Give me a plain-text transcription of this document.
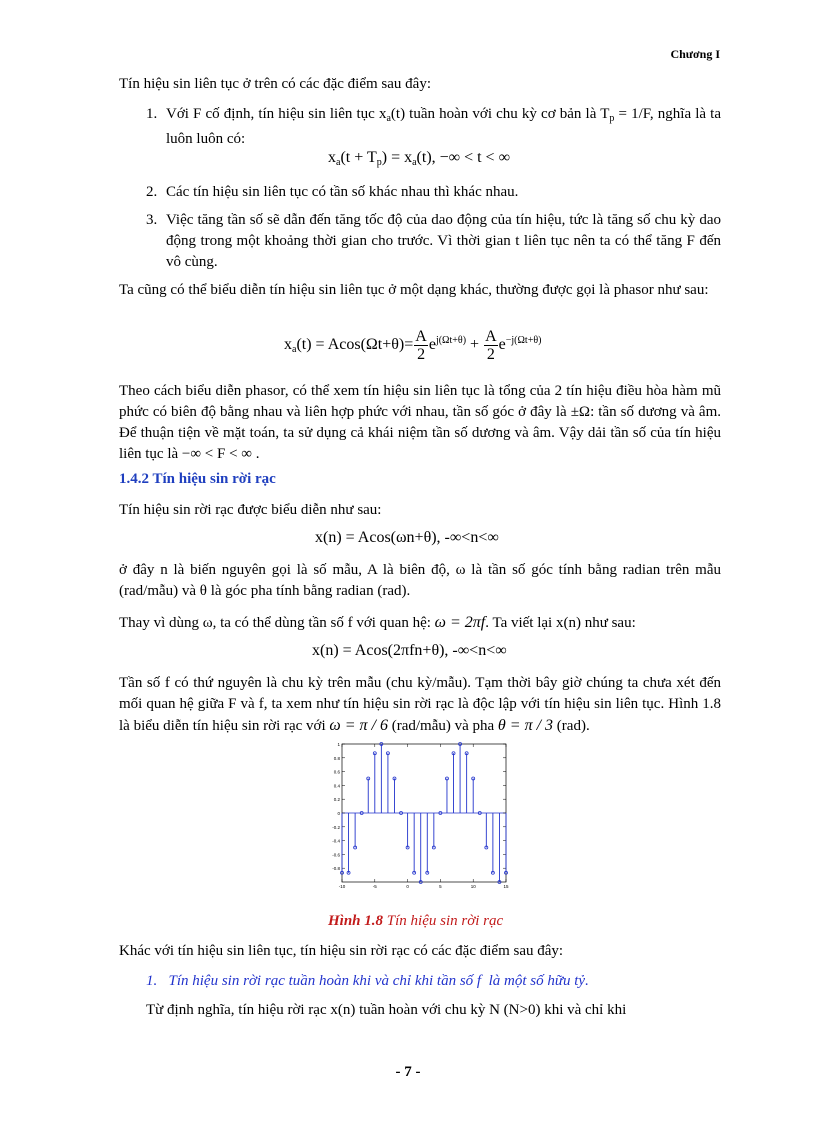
Chương I

Tín hiệu sin liên tục ở trên có các đặc điểm sau đây:

1. Với F cố định, tín hiệu sin liên tục $x_a(t)$ tuần hoàn với chu kỳ cơ bản là $T_p = 1/F$, nghĩa là ta luôn luôn có:

$x_a(t + T_p) = x_a(t)$, −∞ < t < ∞

2. Các tín hiệu sin liên tục có tần số khác nhau thì khác nhau.

3. Việc tăng tần số sẽ dẫn đến tăng tốc độ của dao động của tín hiệu, tức là tăng số chu kỳ dao động trong một khoảng thời gian cho trước. Vì thời gian t liên tục nên ta có thể tăng F đến vô cùng.

Ta cũng có thể biểu diễn tín hiệu sin liên tục ở một dạng khác, thường được gọi là phasor như sau:

$x_a(t) = Acos(\Omega t+\theta)= \frac{A}{2} e^{j(\Omega t+\theta)} + \frac{A}{2} e^{-j(\Omega t+\theta)}$

Theo cách biểu diễn phasor, có thể xem tín hiệu sin liên tục là tổng của 2 tín hiệu điều hòa hàm mũ phức có biên độ bằng nhau và liên hợp phức với nhau, tần số góc ở đây là ±Ω: tần số dương và âm. Để thuận tiện về mặt toán, ta sử dụng cả khái niệm tần số dương và âm. Vậy dải tần số của tín hiệu liên tục là −∞ < F < ∞ .

1.4.2 Tín hiệu sin rời rạc

Tín hiệu sin rời rạc được biểu diễn như sau:

x(n) = Acos(ωn+θ), -∞<n<∞

ở đây n là biến nguyên gọi là số mẫu, A là biên độ, ω là tần số góc tính bằng radian trên mẫu (rad/mẫu) và θ là góc pha tính bằng radian (rad).

Thay vì dùng ω, ta có thể dùng tần số f với quan hệ: ω = 2πf. Ta viết lại x(n) như sau:

x(n) = Acos(2πfn+θ), -∞<n<∞

Tần số f có thứ nguyên là chu kỳ trên mẫu (chu kỳ/mẫu). Tạm thời bây giờ chúng ta chưa xét đến mối quan hệ giữa F và f, ta xem như tín hiệu sin rời rạc là độc lập với tín hiệu sin liên tục. Hình 1.8 là biểu diễn tín hiệu sin rời rạc với ω = π / 6 (rad/mẫu) và pha θ = π / 3 (rad).

-0.8
-0.6
-0.4
-0.2
0
0.2
0.4
0.6
0.8
1
-10	-5	0	5	10	15
Hình 1.8 Tín hiệu sin rời rạc

Khác với tín hiệu sin liên tục, tín hiệu sin rời rạc có các đặc điểm sau đây:

1.   Tín hiệu sin rời rạc tuần hoàn khi và chỉ khi tần số f  là một số hữu tỷ.

Từ định nghĩa, tín hiệu rời rạc x(n) tuần hoàn với chu kỳ N (N>0) khi và chỉ khi

- 7 -
